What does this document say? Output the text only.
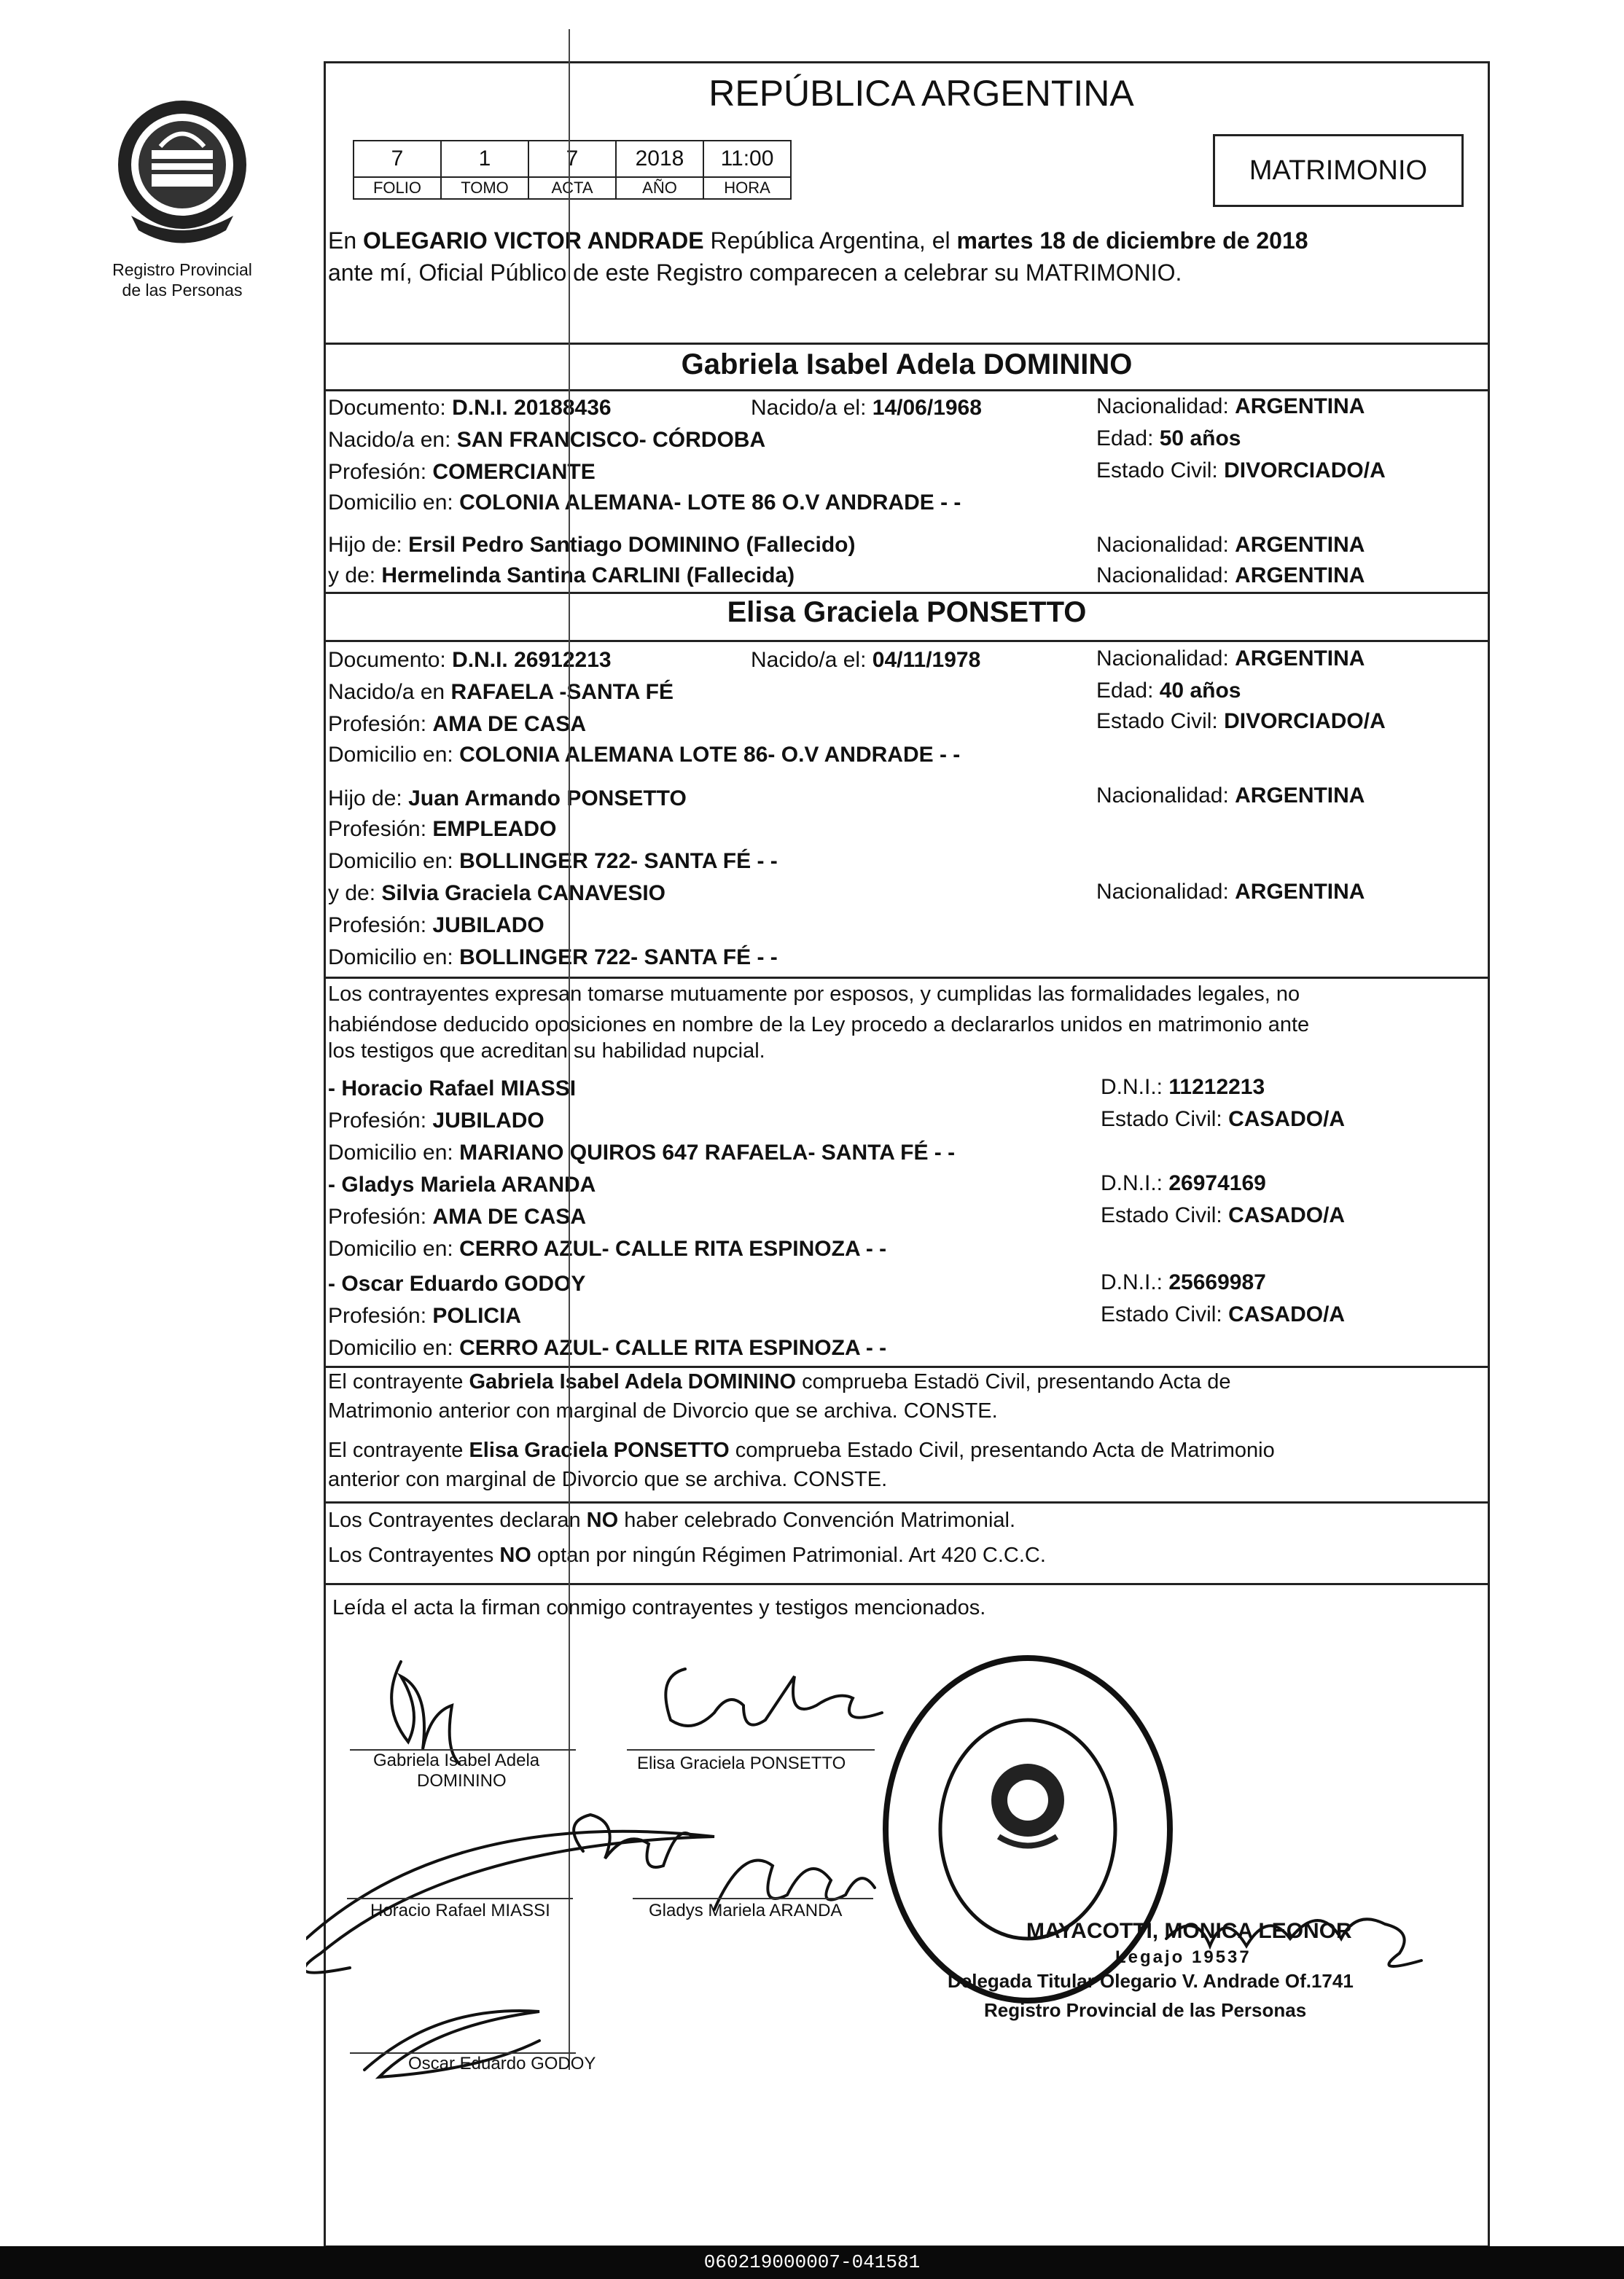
Registro Provincial
de las Personas
REPÚBLICA ARGENTINA
7	1	7	2018	11:00
FOLIO	TOMO	ACTA	AÑO	HORA
MATRIMONIO
En OLEGARIO VICTOR ANDRADE República Argentina, el martes 18 de diciembre de 2018
ante mí, Oficial Público de este Registro comparecen a celebrar su MATRIMONIO.
Gabriela Isabel Adela DOMININO
Documento: D.N.I. 20188436	Nacido/a el: 14/06/1968	Nacionalidad: ARGENTINA
Nacido/a en: SAN FRANCISCO- CÓRDOBA	Edad: 50 años
Profesión: COMERCIANTE	Estado Civil: DIVORCIADO/A
Domicilio en: COLONIA ALEMANA- LOTE 86 O.V ANDRADE - -
Hijo de: Ersil Pedro Santiago DOMININO (Fallecido)	Nacionalidad: ARGENTINA
y de: Hermelinda Santina CARLINI (Fallecida)	Nacionalidad: ARGENTINA
Elisa Graciela PONSETTO
Documento: D.N.I. 26912213	Nacido/a el: 04/11/1978	Nacionalidad: ARGENTINA
Nacido/a en RAFAELA -SANTA FÉ	Edad: 40 años
Profesión: AMA DE CASA	Estado Civil: DIVORCIADO/A
Domicilio en: COLONIA ALEMANA LOTE 86- O.V ANDRADE - -
Hijo de: Juan Armando PONSETTO	Nacionalidad: ARGENTINA
Profesión: EMPLEADO
Domicilio en: BOLLINGER 722- SANTA FÉ - -
y de: Silvia Graciela CANAVESIO	Nacionalidad: ARGENTINA
Profesión: JUBILADO
Domicilio en: BOLLINGER 722- SANTA FÉ - -
Los contrayentes expresan tomarse mutuamente por esposos, y cumplidas las formalidades legales, no
habiéndose deducido oposiciones en nombre de la Ley procedo a declararlos unidos en matrimonio ante
los testigos que acreditan su habilidad nupcial.
- Horacio Rafael MIASSI	D.N.I.: 11212213
Profesión: JUBILADO	Estado Civil: CASADO/A
Domicilio en: MARIANO QUIROS 647 RAFAELA- SANTA FÉ - -
- Gladys Mariela ARANDA	D.N.I.: 26974169
Profesión: AMA DE CASA	Estado Civil: CASADO/A
Domicilio en: CERRO AZUL- CALLE RITA ESPINOZA - -
- Oscar Eduardo GODOY	D.N.I.: 25669987
Profesión: POLICIA	Estado Civil: CASADO/A
Domicilio en: CERRO AZUL- CALLE RITA ESPINOZA - -
El contrayente Gabriela Isabel Adela DOMININO comprueba Estadö Civil, presentando Acta de
Matrimonio anterior con marginal de Divorcio que se archiva. CONSTE.
El contrayente Elisa Graciela PONSETTO comprueba Estado Civil, presentando Acta de Matrimonio
anterior con marginal de Divorcio que se archiva. CONSTE.
Los Contrayentes declaran NO haber celebrado Convención Matrimonial.
Los Contrayentes NO optan por ningún Régimen Patrimonial. Art 420 C.C.C.
Leída el acta la firman conmigo contrayentes y testigos mencionados.
Gabriela Isabel Adela
DOMININO
Elisa Graciela PONSETTO
Horacio Rafael MIASSI	Gladys Mariela ARANDA
Oscar Eduardo GODOY
MAYACOTTI, MONICA LEONOR
Legajo 19537
Delegada Titular Olegario V. Andrade Of.1741
Registro Provincial de las Personas
060219000007-041581
